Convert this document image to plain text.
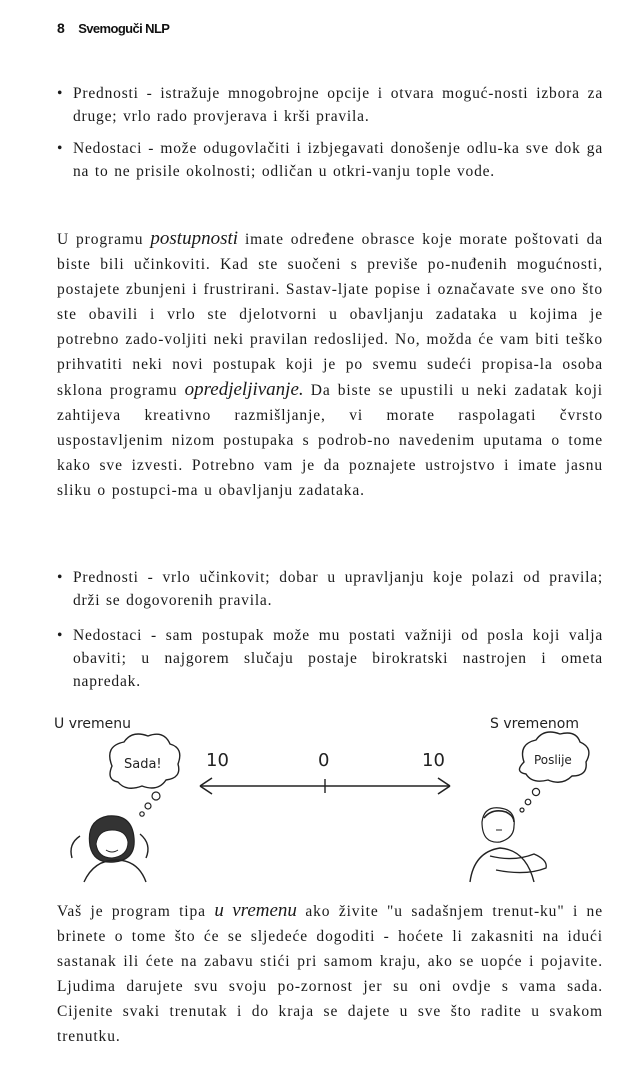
8 Svemoguči NLP
• Prednosti - istražuje mnogobrojne opcije i otvara moguć-nosti izbora za druge; vrlo rado provjerava i krši pravila.
• Nedostaci - može odugovlačiti i izbjegavati donošenje odlu-ka sve dok ga na to ne prisile okolnosti; odličan u otkri-vanju tople vode.

U programu postupnosti imate određene obrasce koje morate poštovati da biste bili učinkoviti. Kad ste suočeni s previše po-nuđenih mogućnosti, postajete zbunjeni i frustrirani. Sastav-ljate popise i označavate sve ono što ste obavili i vrlo ste djelotvorni u obavljanju zadataka u kojima je potrebno zado-voljiti neki pravilan redoslijed. No, možda će vam biti teško prihvatiti neki novi postupak koji je po svemu sudeći propisa-la osoba sklona programu opredjeljivanje. Da biste se upustili u neki zadatak koji zahtijeva kreativno razmišljanje, vi morate raspolagati čvrsto uspostavljenim nizom postupaka s podrob-no navedenim uputama o tome kako sve izvesti. Potrebno vam je da poznajete ustrojstvo i imate jasnu sliku o postupci-ma u obavljanju zadataka.

• Prednosti - vrlo učinkovit; dobar u upravljanju koje polazi od pravila; drži se dogovorenih pravila.
• Nedostaci - sam postupak može mu postati važniji od posla koji valja obaviti; u najgorem slučaju postaje birokratski nastrojen i ometa napredak.
U vremenu	S vremenom
Sada! 10	0	10	Poslije

Vaš je program tipa u vremenu ako živite "u sadašnjem trenut-ku" i ne brinete o tome što će se sljedeće dogoditi - hoćete li zakasniti na idući sastanak ili ćete na zabavu stići pri samom kraju, ako se uopće i pojavite. Ljudima darujete svu svoju po-zornost jer su oni ovdje s vama sada. Cijenite svaki trenutak i do kraja se dajete u sve što radite u svakom trenutku.
